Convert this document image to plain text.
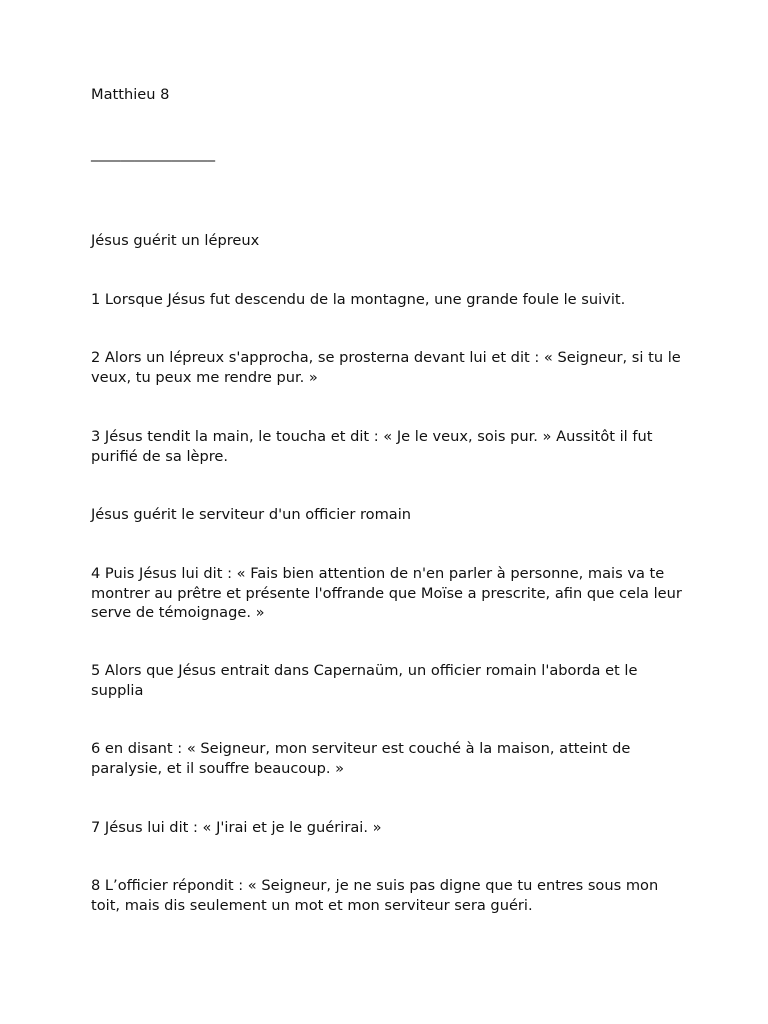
Matthieu 8

_________________

Jésus guérit un lépreux

1 Lorsque Jésus fut descendu de la montagne, une grande foule le suivit.

2 Alors un lépreux s'approcha, se prosterna devant lui et dit : « Seigneur, si tu le veux, tu peux me rendre pur. »

3 Jésus tendit la main, le toucha et dit : « Je le veux, sois pur. » Aussitôt il fut purifié de sa lèpre.

Jésus guérit le serviteur d'un officier romain

4 Puis Jésus lui dit : « Fais bien attention de n'en parler à personne, mais va te montrer au prêtre et présente l'offrande que Moïse a prescrite, afin que cela leur serve de témoignage. »

5 Alors que Jésus entrait dans Capernaüm, un officier romain l'aborda et le supplia

6 en disant : « Seigneur, mon serviteur est couché à la maison, atteint de paralysie, et il souffre beaucoup. »

7 Jésus lui dit : « J'irai et je le guérirai. »

8 L’officier répondit : « Seigneur, je ne suis pas digne que tu entres sous mon toit, mais dis seulement un mot et mon serviteur sera guéri.
